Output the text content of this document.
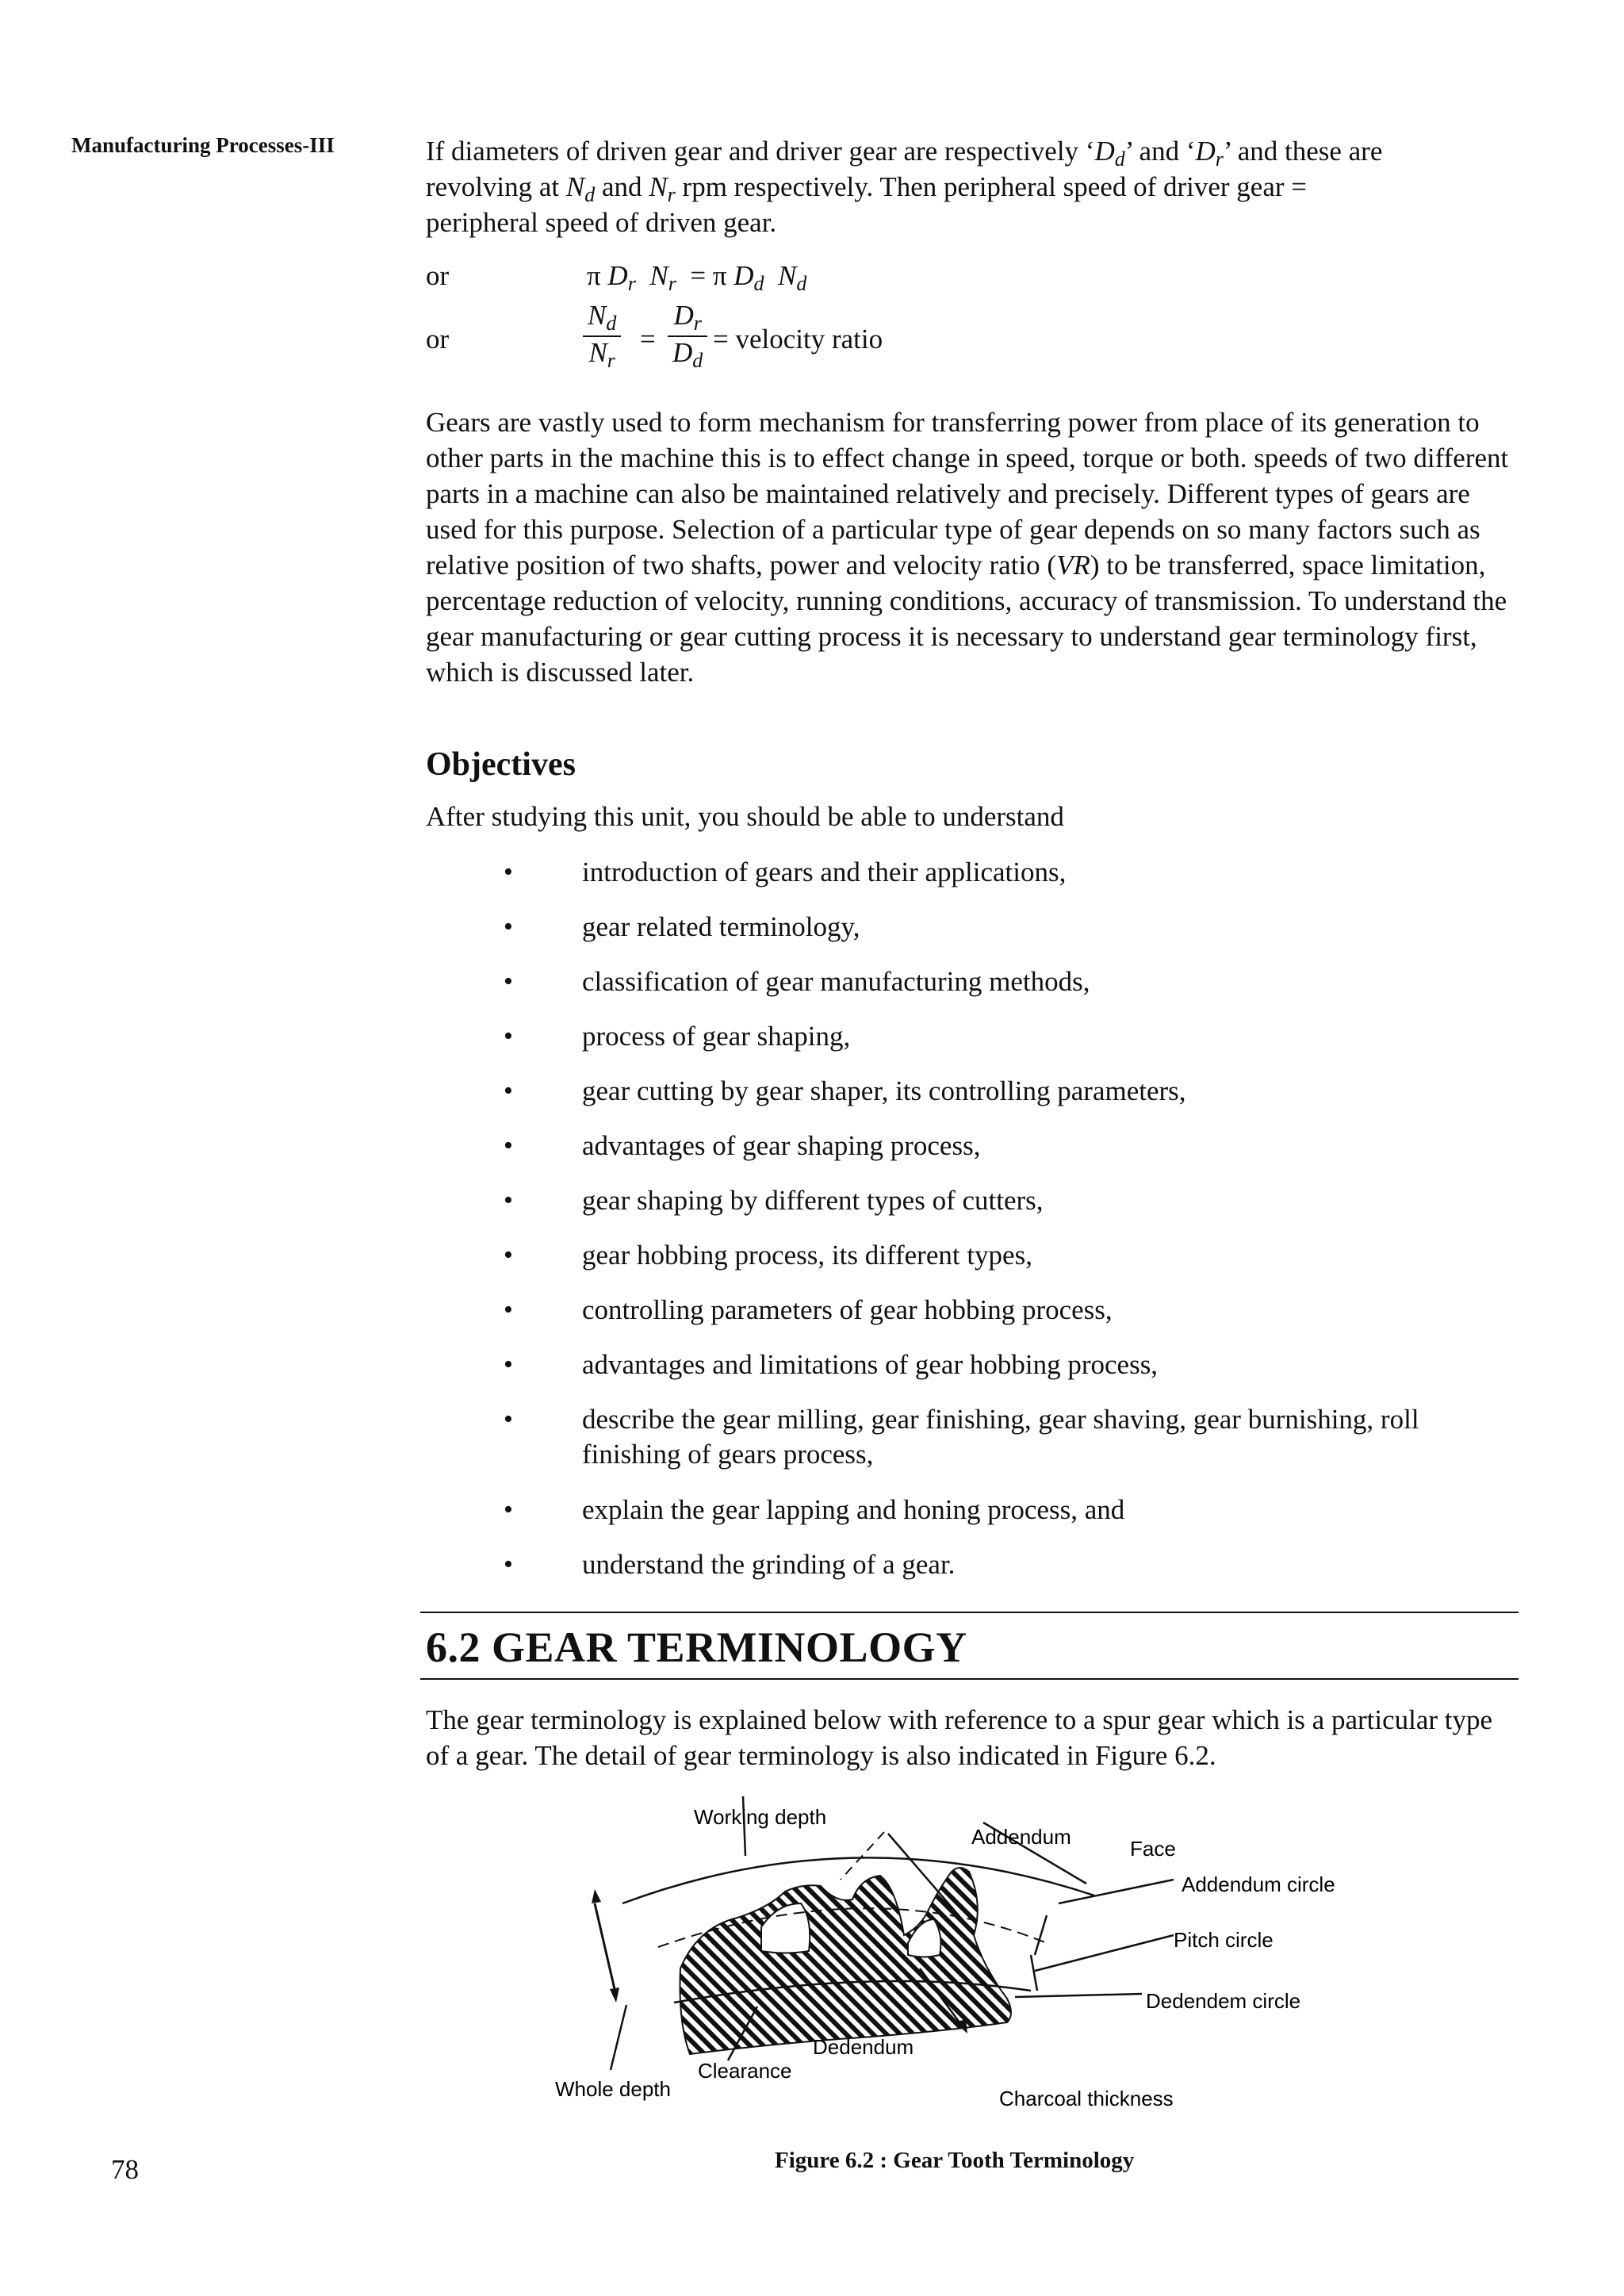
Manufacturing Processes-III	If diameters of driven gear and driver gear are respectively ‘$D_d$’ and ‘$D_r$’ and these are
revolving at $N_d$ and $N_r$ rpm respectively. Then peripheral speed of driver gear =
peripheral speed of driven gear.
or	π $D_r$ $N_r = \pi$ $D_d$ $N_d$
or	$\frac{N_d}{N_r} = \frac{D_r}{D_d}$ = velocity ratio
Gears are vastly used to form mechanism for transferring power from place of its generation to other parts in the machine this is to effect change in speed, torque or both. speeds of two different parts in a machine can also be maintained relatively and precisely. Different types of gears are used for this purpose. Selection of a particular type of gear depends on so many factors such as relative position of two shafts, power and velocity ratio (VR) to be transferred, space limitation, percentage reduction of velocity, running conditions, accuracy of transmission. To understand the gear manufacturing or gear cutting process it is necessary to understand gear terminology first, which is discussed later.
Objectives
After studying this unit, you should be able to understand
• introduction of gears and their applications,
• gear related terminology,
• classification of gear manufacturing methods,
• process of gear shaping,
• gear cutting by gear shaper, its controlling parameters,
• advantages of gear shaping process,
• gear shaping by different types of cutters,
• gear hobbing process, its different types,
• controlling parameters of gear hobbing process,
• advantages and limitations of gear hobbing process,
• describe the gear milling, gear finishing, gear shaving, gear burnishing, roll finishing of gears process,
• explain the gear lapping and honing process, and
• understand the grinding of a gear.
6.2 GEAR TERMINOLOGY
The gear terminology is explained below with reference to a spur gear which is a particular type of a gear. The detail of gear terminology is also indicated in Figure 6.2.
Working depth
Addendum	Face
Addendum circle
Pitch circle
Dedendem circle
Dedendum
Clearance
Whole depth	Charcoal thickness
Figure 6.2 : Gear Tooth Terminology
78
